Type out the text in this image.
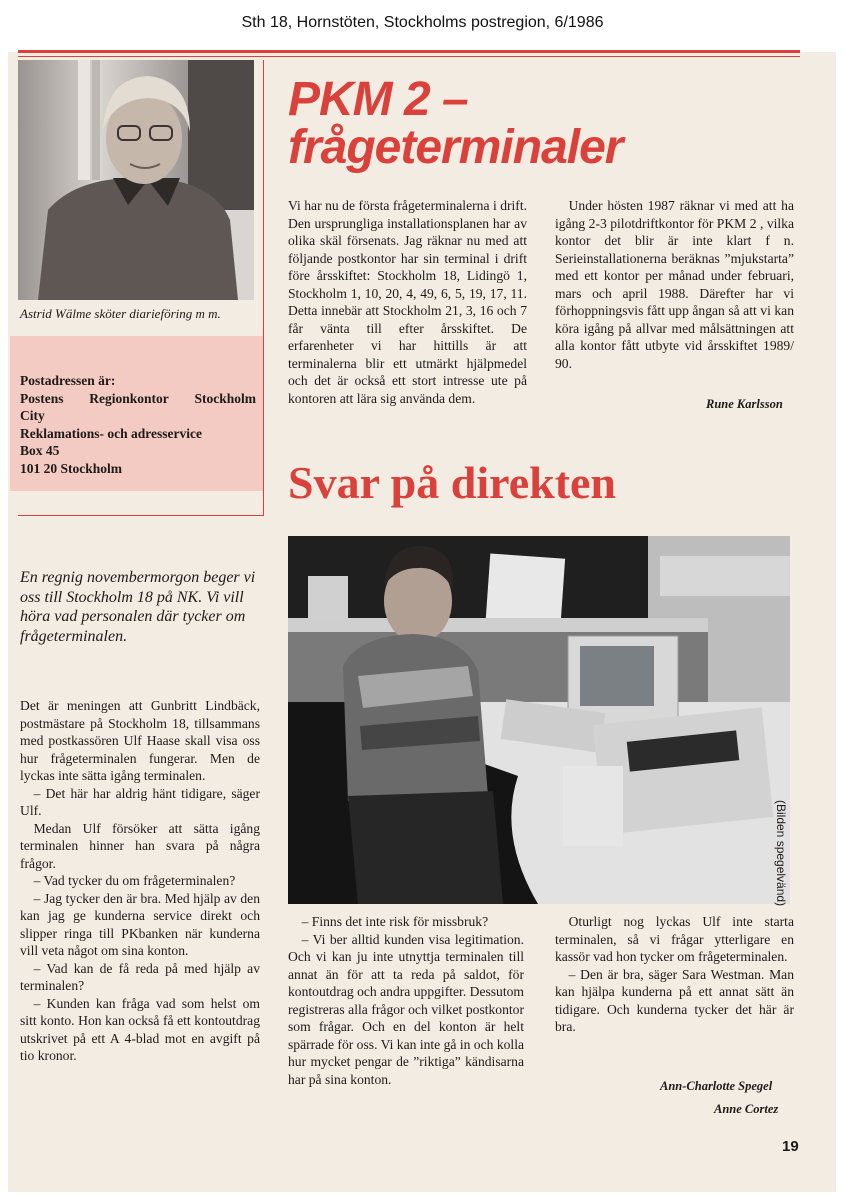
Sth 18, Hornstöten, Stockholms postregion, 6/1986
Astrid Wälme sköter diarieföring m m.
Postadressen är:
Postens Regionkontor Stockholm
City
Reklamations- och adresservice
Box 45
101 20 Stockholm
PKM 2 –
frågeterminaler

Vi har nu de första frågeterminalerna i drift. Den ursprungliga installationsplanen har av olika skäl försenats. Jag räknar nu med att följande postkontor har sin terminal i drift före årsskiftet: Stockholm 18, Lidingö 1, Stockholm 1, 10, 20, 4, 49, 6, 5, 19, 17, 11. Detta innebär att Stockholm 21, 3, 16 och 7 får vänta till efter årsskiftet. De erfarenheter vi har hittills är att terminalerna blir ett utmärkt hjälpmedel och det är också ett stort intresse ute på kontoren att lära sig använda dem.

Under hösten 1987 räknar vi med att ha igång 2-3 pilotdriftkontor för PKM 2 , vilka kontor det blir är inte klart f n. Serieinstallationerna beräknas ”mjukstarta” med ett kontor per månad under februari, mars och april 1988. Därefter har vi förhoppningsvis fått upp ångan så att vi kan köra igång på allvar med målsättningen att alla kontor fått utbyte vid årsskiftet 1989/ 90.

Rune Karlsson
Svar på direkten
En regnig novembermorgon beger vi oss till Stockholm 18 på NK. Vi vill höra vad personalen där tycker om frågeterminalen.
(Bilden spegelvänd)

Det är meningen att Gunbritt Lindbäck, postmästare på Stockholm 18, tillsammans med postkassören Ulf Haase skall visa oss hur frågeterminalen fungerar. Men de lyckas inte sätta igång terminalen.

– Det här har aldrig hänt tidigare, säger Ulf.

Medan Ulf försöker att sätta igång terminalen hinner han svara på några frågor.

– Vad tycker du om frågeterminalen?

– Jag tycker den är bra. Med hjälp av den kan jag ge kunderna service direkt och slipper ringa till PKbanken när kunderna vill veta något om sina konton.

– Vad kan de få reda på med hjälp av terminalen?

– Kunden kan fråga vad som helst om sitt konto. Hon kan också få ett kontoutdrag utskrivet på ett A 4-blad mot en avgift på tio kronor.

– Finns det inte risk för missbruk?

– Vi ber alltid kunden visa legitimation. Och vi kan ju inte utnyttja terminalen till annat än för att ta reda på saldot, för kontoutdrag och andra uppgifter. Dessutom registreras alla frågor och vilket postkontor som frågar. Och en del konton är helt spärrade för oss. Vi kan inte gå in och kolla hur mycket pengar de ”riktiga” kändisarna har på sina konton.

Oturligt nog lyckas Ulf inte starta terminalen, så vi frågar ytterligare en kassör vad hon tycker om frågeterminalen.

– Den är bra, säger Sara Westman. Man kan hjälpa kunderna på ett annat sätt än tidigare. Och kunderna tycker det här är bra.

Ann-Charlotte Spegel
Anne Cortez
19
